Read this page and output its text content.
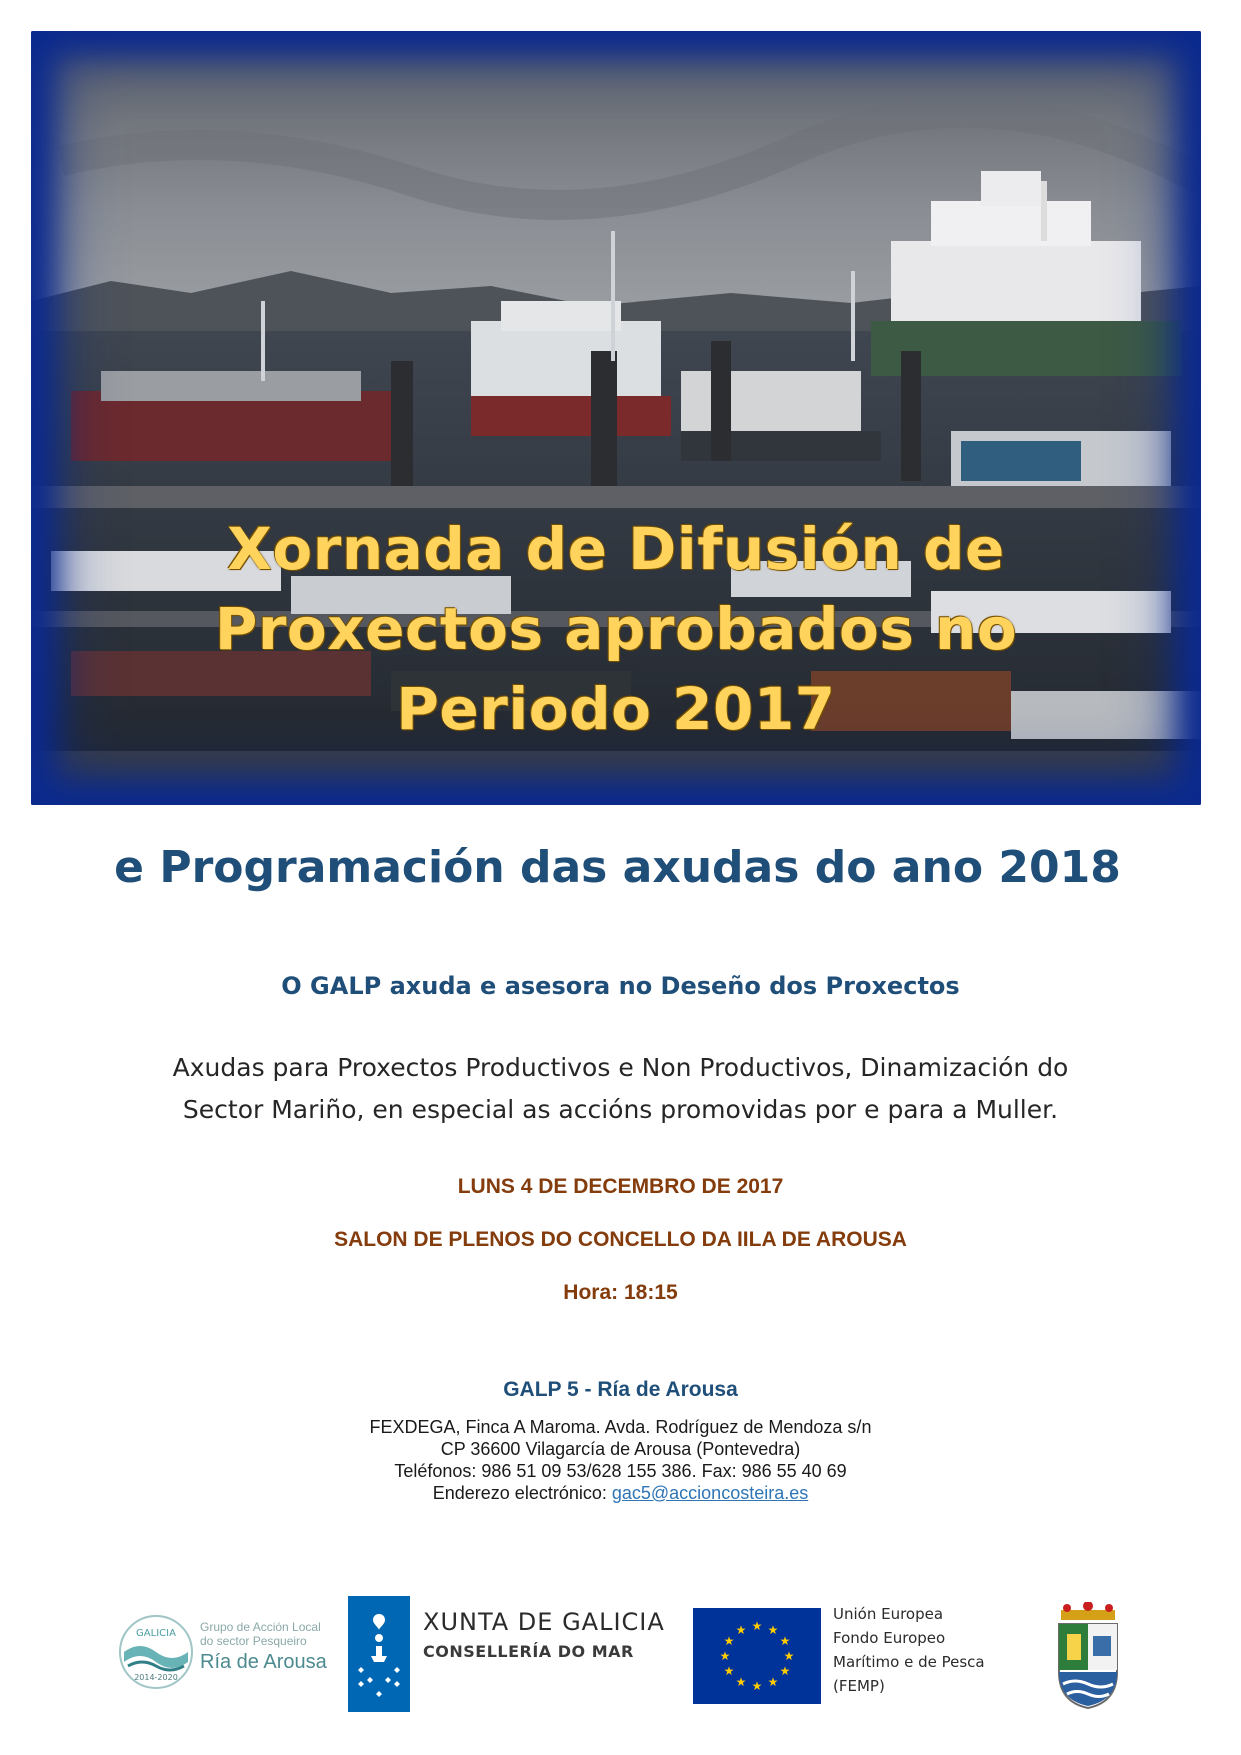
Xornada de Difusión de
Proxectos aprobados no
Periodo 2017
e Programación das axudas do ano 2018
O GALP axuda e asesora no Deseño dos Proxectos

Axudas para Proxectos Productivos e Non Productivos, Dinamización do
Sector Mariño, en especial as accións promovidas por e para a Muller.

LUNS 4 DE DECEMBRO DE 2017

SALON DE PLENOS DO CONCELLO DA IILA DE AROUSA

Hora: 18:15

GALP 5 - Ría de Arousa

FEXDEGA, Finca A Maroma. Avda. Rodríguez de Mendoza s/n
CP 36600 Vilagarcía de Arousa (Pontevedra)
Teléfonos: 986 51 09 53/628 155 386. Fax: 986 55 40 69
Enderezo electrónico: gac5@accioncosteira.es

GALICIA
2014-2020
Grupo de Acción Local
do sector Pesqueiro
Ría de Arousa
XUNTA DE GALICIA
CONSELLERÍA DO MAR
★ ★
★
★
★
★
★
★
★
★
★
★
Unión Europea
Fondo Europeo
Marítimo e de Pesca
(FEMP)
